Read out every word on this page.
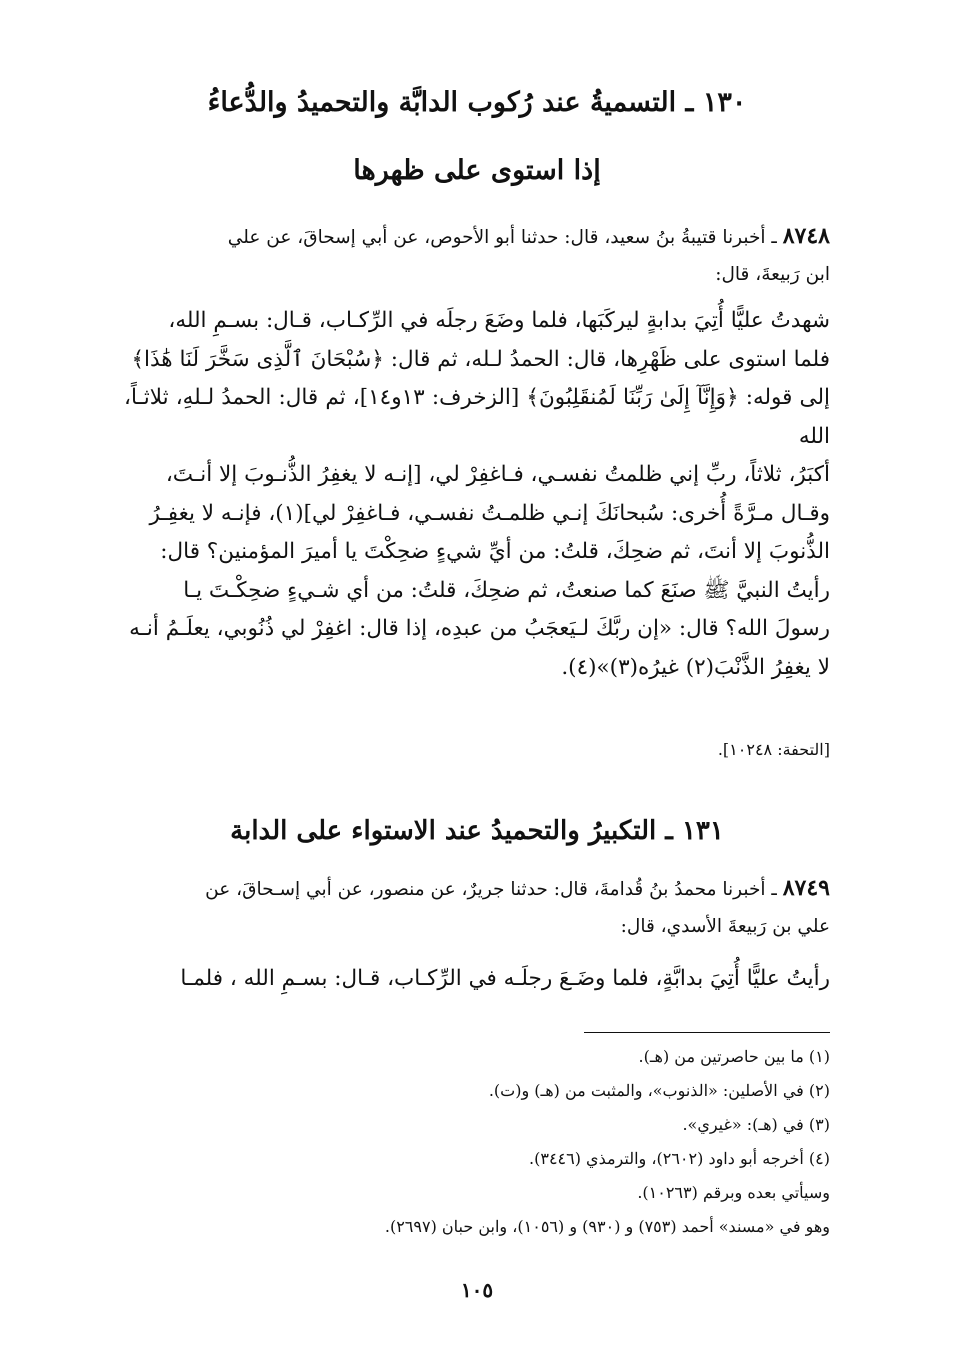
١٣٠ ـ التسميةُ عند رُكوب الدابَّة والتحميدُ والدُّعاءُ
إذا استوى على ظهرها
٨٧٤٨ ـ أخبرنا قتيبةُ بنُ سعيد، قال: حدثنا أبو الأحوص، عن أبي إسحاقَ، عن علي
ابن رَبيعةَ، قال:
شهدتُ عليًّا أُتِيَ بدابةٍ ليركَبَها، فلما وضَعَ رجلَه في الرِّكـاب، قـال: بسـمِ الله،
فلما استوى على ظَهْرِها، قال: الحمدُ لـله، ثم قال: ﴿سُبْحَانَ ٱلَّذِى سَخَّرَ لَنَا هَٰذَا﴾
إلى قوله: ﴿وَإِنَّآ إِلَىٰ رَبِّنَا لَمُنقَلِبُونَ﴾ [الزخرف: ١٣و١٤]، ثم قال: الحمدُ لـلهِ، ثلاثـاً، الله
أكبَرُ، ثلاثاً، ربِّ إني ظلمتُ نفسـي، فـاغفِرْ لي، [إنـه لا يغفِرُ الذُّنـوبَ إلا أنـتَ،
وقـال مـرَّةً أُخرى: سُبحانَكَ إنـي ظلمـتُ نفسـي، فـاغفِرْ لي](١)، فإنـه لا يغفِـرُ
الذُّنوبَ إلا أنتَ، ثم ضحِكَ، قلتُ: من أيِّ شيءٍ ضحِكْتَ يا أميرَ المؤمنين؟ قال:
رأيتُ النبيَّ ﷺ صنَعَ كما صنعتُ، ثم ضحِكَ، قلتُ: من أي شـيءٍ ضحِكْـتَ يـا
رسولَ الله؟ قال: «إن ربَّكَ لـيَعجَبُ من عبدِه، إذا قال: اغفِرْ لي ذُنُوبي، يعلَـمُ أنـه
لا يغفِرُ الذَّنْبَ(٢) غيرُه(٣)»(٤).
[التحفة: ١٠٢٤٨].
١٣١ ـ التكبيرُ والتحميدُ عند الاستواء على الدابة
٨٧٤٩ ـ أخبرنا محمدُ بنُ قُدامةَ، قال: حدثنا جريرٌ، عن منصور، عن أبي إسـحاقَ، عن
علي بن رَبيعةَ الأسدي، قال:
رأيتُ عليًّا أُتِيَ بدابَّةٍ، فلما وضَـعَ رجلَـه في الرِّكـاب، قـال: بسـمِ الله ، فلمـا
(١) ما بين حاصرتين من (هـ).
(٢) في الأصلين: «الذنوب»، والمثبت من (هـ) و(ت).
(٣) في (هـ): «غيري».
(٤) أخرجه أبو داود (٢٦٠٢)، والترمذي (٣٤٤٦).
وسيأتي بعده وبرقم (١٠٢٦٣).
وهو في «مسند» أحمد (٧٥٣) و (٩٣٠) و (١٠٥٦)، وابن حبان (٢٦٩٧).
١٠٥
